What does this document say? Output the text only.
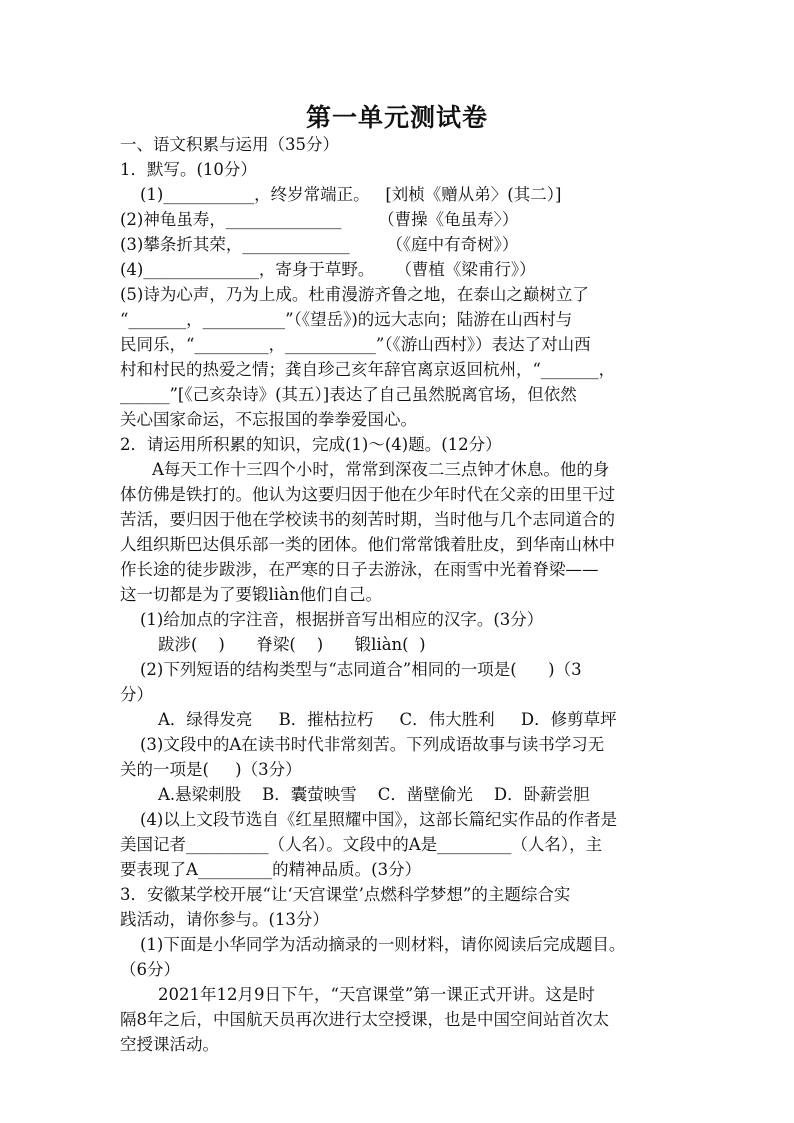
第一单元测试卷
一、语文积累与运用（35分）
1．默写。(10分）
(1)___________，终岁常端正。   [刘桢《赠从弟〉(其二）]
(2)神龟虽寿，______________       （曹操《龟虽寿〉）
(3)攀条折其荣，_____________       （《庭中有奇树》）
(4)______________，寄身于草野。    （曹植《梁甫行》）
(5)诗为心声，乃为上成。杜甫漫游齐鲁之地，在泰山之巅树立了
“_______，__________”（《望岳》)的远大志向；陆游在山西村与
民同乐，“_________，___________”（《游山西村》）表达了对山西
村和村民的热爱之情；龚自珍己亥年辞官离京返回杭州，“_______，
______”[《己亥杂诗》(其五）]表达了自己虽然脱离官场，但依然
关心国家命运，不忘报国的拳拳爱国心。
2．请运用所积累的知识，完成(1)～(4)题。(12分）
A每天工作十三四个小时，常常到深夜二三点钟才休息。他的身
体仿佛是铁打的。他认为这要归因于他在少年时代在父亲的田里干过
苦活，要归因于他在学校读书的刻苦时期，当时他与几个志同道合的
人组织斯巴达俱乐部一类的团体。他们常常饿着肚皮，到华南山林中
作长途的徒步跋涉，在严寒的日子去游泳，在雨雪中光着脊梁——
这一切都是为了要锻liàn他们自己。
(1)给加点的字注音，根据拼音写出相应的汉字。(3分）
跋涉(    )      脊梁(    )      锻liàn(  )
(2)下列短语的结构类型与“志同道合”相同的一项是(      )（3
分）
A．绿得发亮     B．摧枯拉朽     C．伟大胜利     D．修剪草坪
(3)文段中的A在读书时代非常刻苦。下列成语故事与读书学习无
关的一项是(     )（3分）
A.悬梁刺股    B．囊萤映雪    C．凿壁偷光    D．卧薪尝胆
(4)以上文段节选自《红星照耀中国》，这部长篇纪实作品的作者是
美国记者__________（人名）。文段中的A是_________（人名），主
要表现了A_________的精神品质。(3分）
3．安徽某学校开展“让‘天宫课堂’点燃科学梦想”的主题综合实
践活动，请你参与。(13分）
(1)下面是小华同学为活动摘录的一则材料，请你阅读后完成题目。
（6分）
2021年12月9日下午，“天宫课堂”第一课正式开讲。这是时
隔8年之后，中国航天员再次进行太空授课，也是中国空间站首次太
空授课活动。
